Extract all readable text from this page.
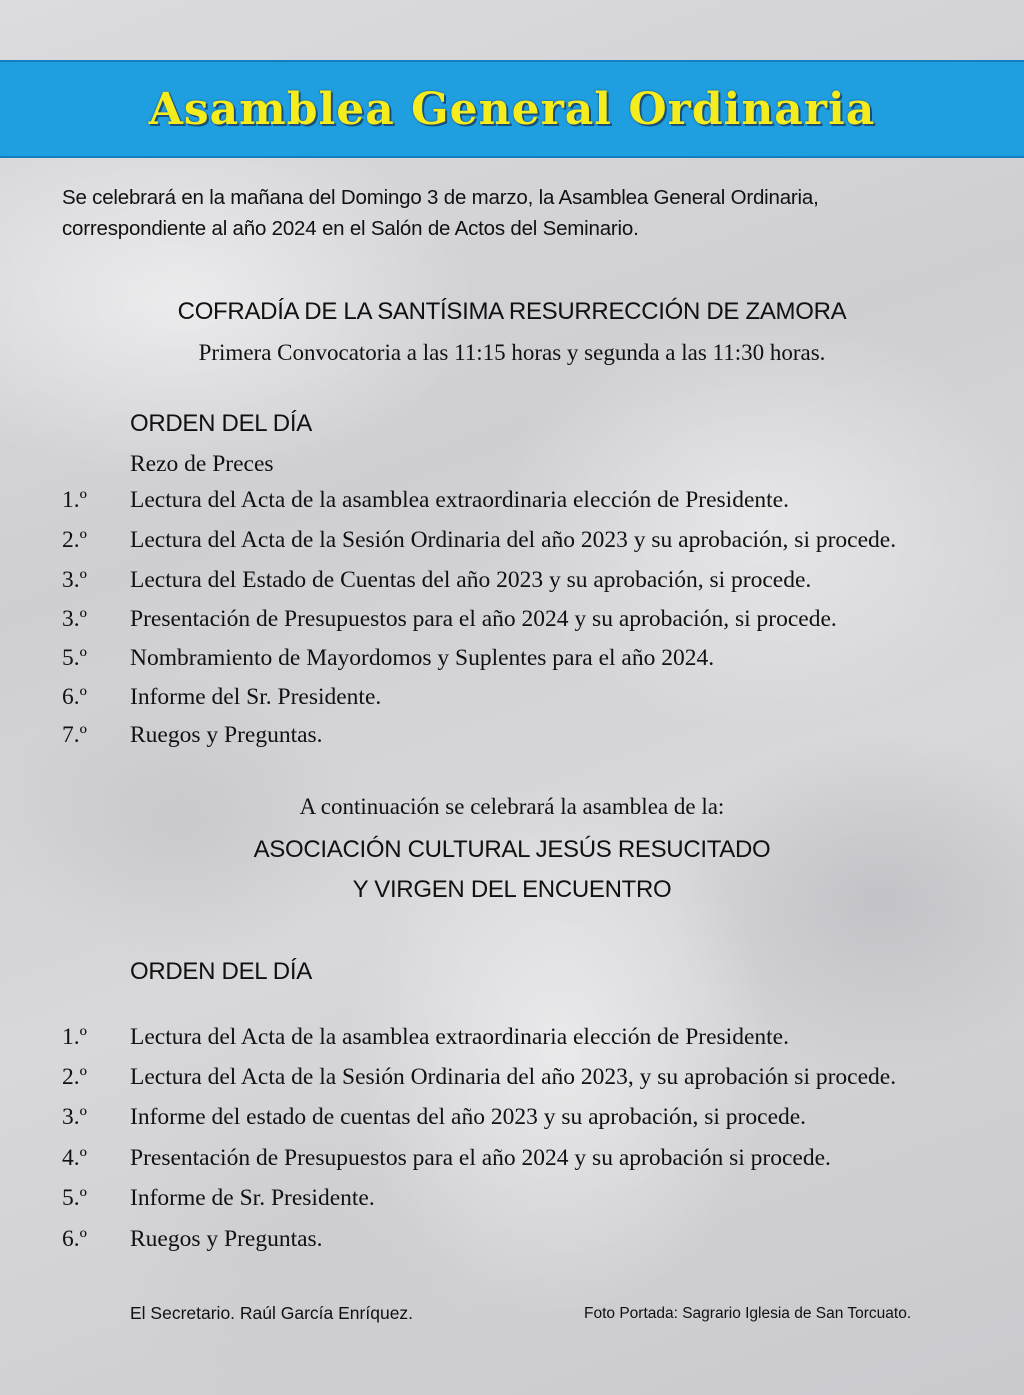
Asamblea General Ordinaria
Se celebrará en la mañana del Domingo 3 de marzo, la Asamblea General Ordinaria,
correspondiente al año 2024 en el Salón de Actos del Seminario.
COFRADÍA DE LA SANTÍSIMA RESURRECCIÓN DE ZAMORA
Primera Convocatoria a las 11:15 horas y segunda a las 11:30 horas.
ORDEN DEL DÍA
Rezo de Preces
1.º Lectura del Acta de la asamblea extraordinaria elección de Presidente.
2.º Lectura del Acta de la Sesión Ordinaria del año 2023 y su aprobación, si procede.
3.º Lectura del Estado de Cuentas del año 2023 y su aprobación, si procede.
3.º Presentación de Presupuestos para el año 2024 y su aprobación, si procede.
5.º Nombramiento de Mayordomos y Suplentes para el año 2024.
6.º Informe del Sr. Presidente.
7.º Ruegos y Preguntas.
A continuación se celebrará la asamblea de la:
ASOCIACIÓN CULTURAL JESÚS RESUCITADO
Y VIRGEN DEL ENCUENTRO
ORDEN DEL DÍA
1.º Lectura del Acta de la asamblea extraordinaria elección de Presidente.
2.º Lectura del Acta de la Sesión Ordinaria del año 2023, y su aprobación si procede.
3.º Informe del estado de cuentas del año 2023 y su aprobación, si procede.
4.º Presentación de Presupuestos para el año 2024 y su aprobación si procede.
5.º Informe de Sr. Presidente.
6.º Ruegos y Preguntas.
El Secretario. Raúl García Enríquez.	Foto Portada: Sagrario Iglesia de San Torcuato.
